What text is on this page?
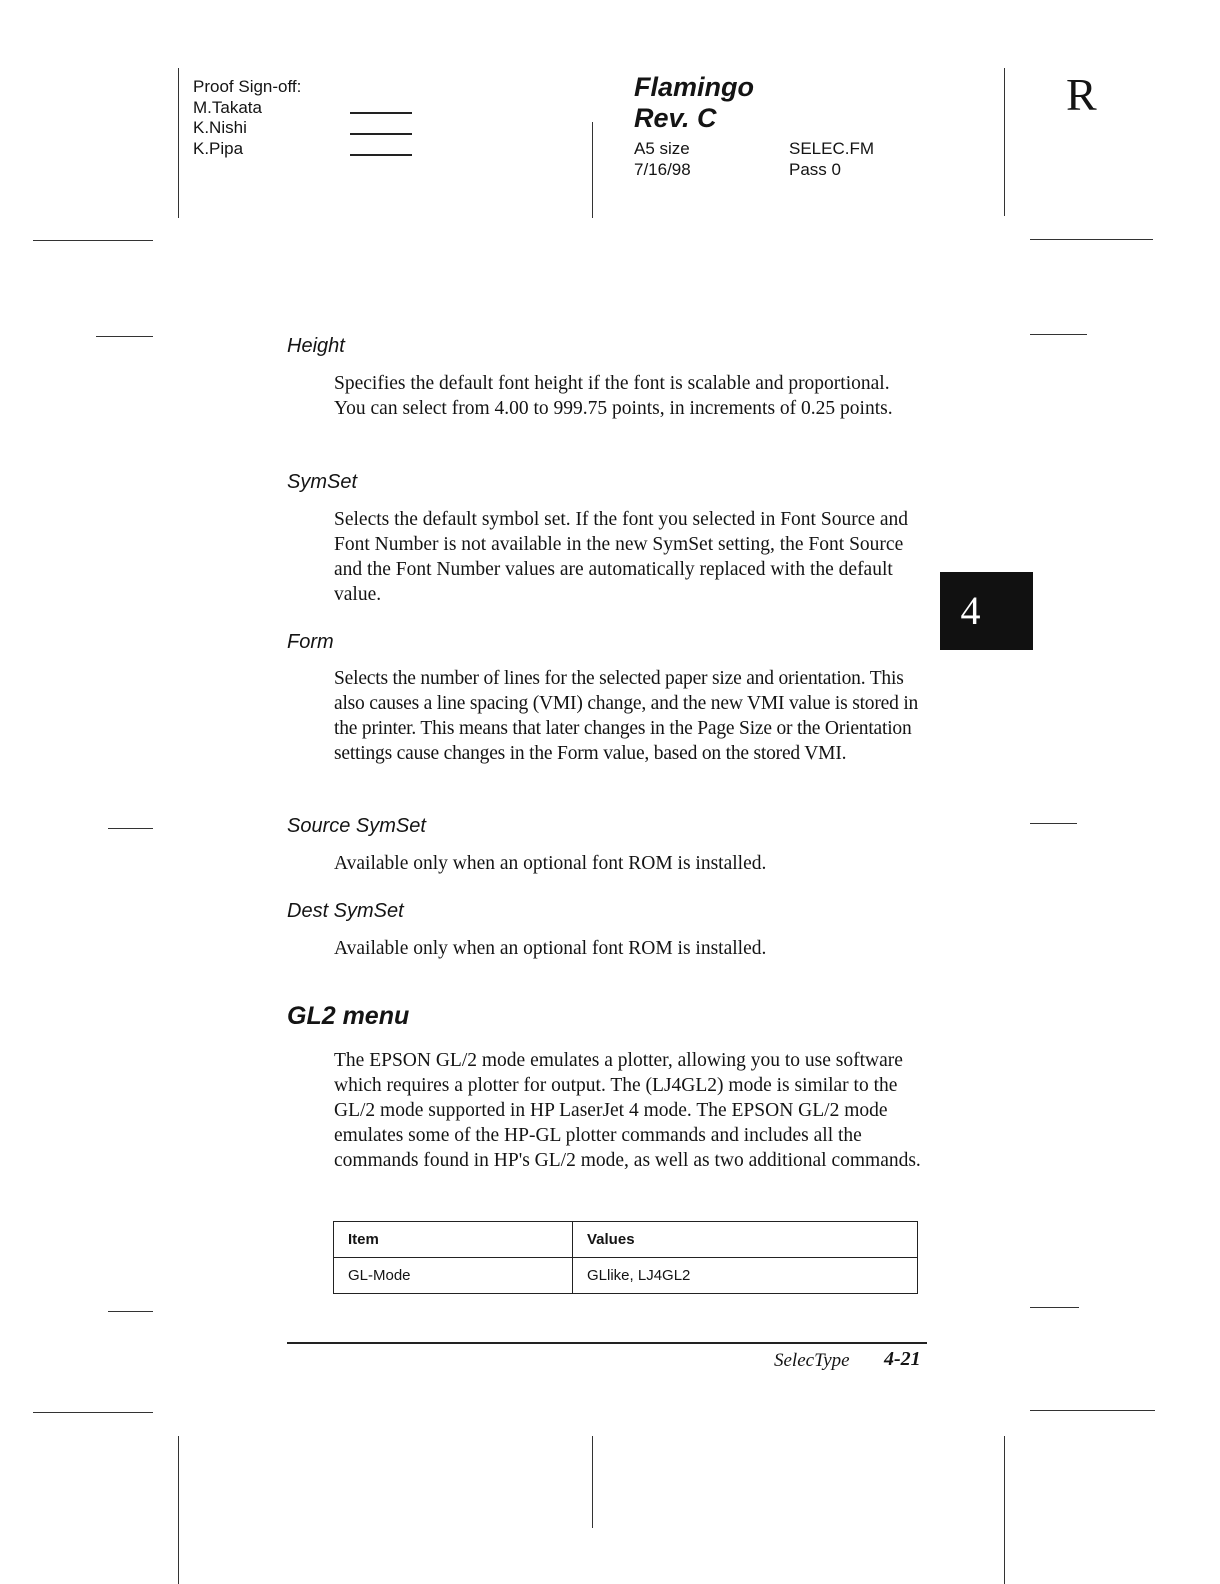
Proof Sign-off:
M.Takata
K.Nishi
K.Pipa
Flamingo
Rev. C
A5 size
7/16/98
SELEC.FM
Pass 0
R
Height
Specifies the default font height if the font is scalable and proportional. You can select from 4.00 to 999.75 points, in increments of 0.25 points.
SymSet
Selects the default symbol set. If the font you selected in Font Source and Font Number is not available in the new SymSet setting, the Font Source and the Font Number values are automatically replaced with the default value.
Form
Selects the number of lines for the selected paper size and orientation. This also causes a line spacing (VMI) change, and the new VMI value is stored in the printer. This means that later changes in the Page Size or the Orientation settings cause changes in the Form value, based on the stored VMI.
Source SymSet
Available only when an optional font ROM is installed.
Dest SymSet
Available only when an optional font ROM is installed.
GL2 menu
The EPSON GL/2 mode emulates a plotter, allowing you to use software which requires a plotter for output. The (LJ4GL2) mode is similar to the GL/2 mode supported in HP LaserJet 4 mode. The EPSON GL/2 mode emulates some of the HP-GL plotter commands and includes all the commands found in HP's GL/2 mode, as well as two additional commands.
Item	Values
GL-Mode	GLlike, LJ4GL2
4
SelecType 4-21
